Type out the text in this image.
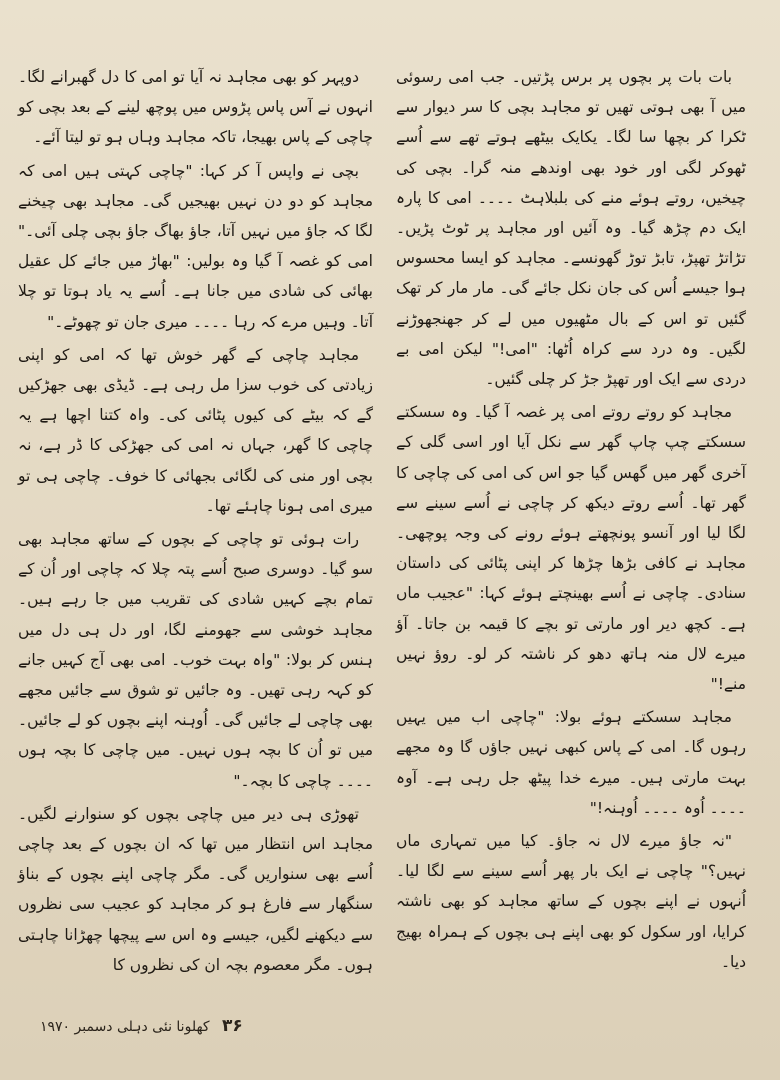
بات بات پر بچوں پر برس پڑتیں۔ جب امی رسوئی میں آ بھی ہوتی تھیں تو مجاہد بچی کا سر دیوار سے ٹکرا کر بچھا سا لگا۔ یکایک بیٹھے ہوتے تھے سے اُسے ٹھوکر لگی اور خود بھی اوندھے منہ گرا۔ بچی کی چیخیں، روتے ہوئے منے کی بلبلاہٹ ۔۔۔۔ امی کا پارہ ایک دم چڑھ گیا۔ وہ آئیں اور مجاہد پر ٹوٹ پڑیں۔ تڑاتڑ تھپڑ، تابڑ توڑ گھونسے۔ مجاہد کو ایسا محسوس ہوا جیسے اُس کی جان نکل جائے گی۔ مار مار کر تھک گئیں تو اس کے بال مٹھیوں میں لے کر جھنجھوڑنے لگیں۔ وہ درد سے کراہ اُٹھا: "امی!" لیکن امی بے دردی سے ایک اور تھپڑ جڑ کر چلی گئیں۔

مجاہد کو روتے روتے امی پر غصہ آ گیا۔ وہ سسکتے سسکتے چپ چاپ گھر سے نکل آیا اور اسی گلی کے آخری گھر میں گھس گیا جو اس کی امی کی چاچی کا گھر تھا۔ اُسے روتے دیکھ کر چاچی نے اُسے سینے سے لگا لیا اور آنسو پونچھتے ہوئے رونے کی وجہ پوچھی۔ مجاہد نے کافی بڑھا چڑھا کر اپنی پٹائی کی داستان سنادی۔ چاچی نے اُسے بھینچتے ہوئے کہا: "عجیب ماں ہے۔ کچھ دیر اور مارتی تو بچے کا قیمہ بن جاتا۔ آؤ میرے لال منہ ہاتھ دھو کر ناشتہ کر لو۔ روؤ نہیں منے!"

مجاہد سسکتے ہوئے بولا: "چاچی اب میں یہیں رہوں گا۔ امی کے پاس کبھی نہیں جاؤں گا وہ مجھے بہت مارتی ہیں۔ میرے خدا پیٹھ جل رہی ہے۔ آوہ ۔۔۔۔ اُوہ ۔۔۔۔ اُوہنہ!"

"نہ جاؤ میرے لال نہ جاؤ۔ کیا میں تمہاری ماں نہیں؟" چاچی نے ایک بار پھر اُسے سینے سے لگا لیا۔ اُنہوں نے اپنے بچوں کے ساتھ مجاہد کو بھی ناشتہ کرایا، اور سکول کو بھی اپنے ہی بچوں کے ہمراہ بھیج دیا۔

دوپہر کو بھی مجاہد نہ آیا تو امی کا دل گھبرانے لگا۔ انہوں نے آس پاس پڑوس میں پوچھ لینے کے بعد بچی کو چاچی کے پاس بھیجا، تاکہ مجاہد وہاں ہو تو لیتا آئے۔

بچی نے واپس آ کر کہا: "چاچی کہتی ہیں امی کہ مجاہد کو دو دن نہیں بھیجیں گی۔ مجاہد بھی چیخنے لگا کہ جاؤ میں نہیں آتا، جاؤ بھاگ جاؤ بچی چلی آئی۔" امی کو غصہ آ گیا وہ بولیں: "بھاڑ میں جائے کل عقیل بھائی کی شادی میں جانا ہے۔ اُسے یہ یاد ہوتا تو چلا آتا۔ وہیں مرے کہ رہا ۔۔۔۔ میری جان تو چھوٹے۔"

مجاہد چاچی کے گھر خوش تھا کہ امی کو اپنی زیادتی کی خوب سزا مل رہی ہے۔ ڈیڈی بھی جھڑکیں گے کہ بیٹے کی کیوں پٹائی کی۔ واہ کتنا اچھا ہے یہ چاچی کا گھر، جہاں نہ امی کی جھڑکی کا ڈر ہے، نہ بچی اور منی کی لگائی بجھائی کا خوف۔ چاچی ہی تو میری امی ہونا چاہئے تھا۔

رات ہوئی تو چاچی کے بچوں کے ساتھ مجاہد بھی سو گیا۔ دوسری صبح اُسے پتہ چلا کہ چاچی اور اُن کے تمام بچے کہیں شادی کی تقریب میں جا رہے ہیں۔ مجاہد خوشی سے جھومنے لگا، اور دل ہی دل میں ہنس کر بولا: "واہ بہت خوب۔ امی بھی آج کہیں جانے کو کہہ رہی تھیں۔ وہ جائیں تو شوق سے جائیں مجھے بھی چاچی لے جائیں گی۔ اُوہنہ اپنے بچوں کو لے جائیں۔ میں تو اُن کا بچہ ہوں نہیں۔ میں چاچی کا بچہ ہوں ۔۔۔۔ چاچی کا بچہ۔"

تھوڑی ہی دیر میں چاچی بچوں کو سنوارنے لگیں۔ مجاہد اس انتظار میں تھا کہ ان بچوں کے بعد چاچی اُسے بھی سنواریں گی۔ مگر چاچی اپنے بچوں کے بناؤ سنگھار سے فارغ ہو کر مجاہد کو عجیب سی نظروں سے دیکھنے لگیں، جیسے وہ اس سے پیچھا چھڑانا چاہتی ہوں۔ مگر معصوم بچہ ان کی نظروں کا

۳۶ کھلونا نئی دہلی دسمبر ۱۹۷۰
